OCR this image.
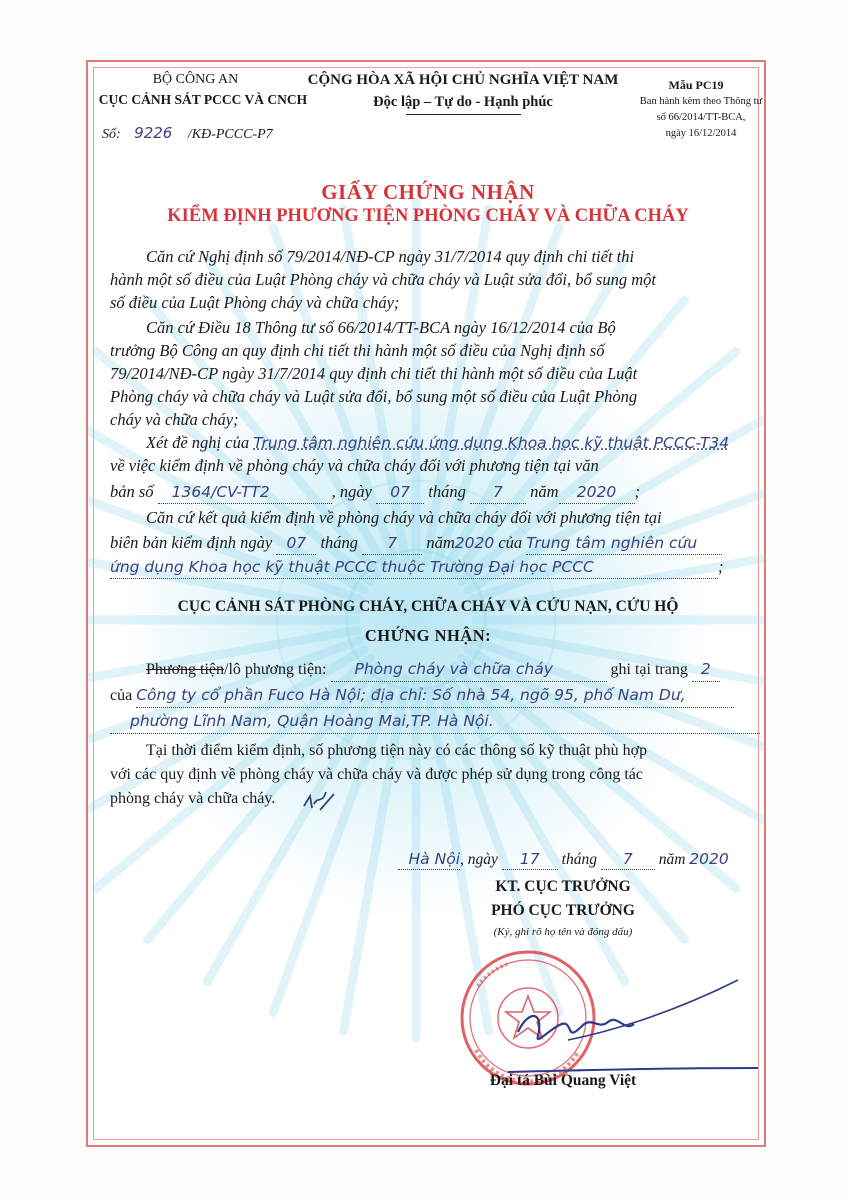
BỘ CÔNG AN
CỤC CẢNH SÁT PCCC VÀ CNCH
Số: 9226 /KĐ-PCCC-P7
CỘNG HÒA XÃ HỘI CHỦ NGHĨA VIỆT NAM
Độc lập – Tự do - Hạnh phúc
Mẫu PC19
Ban hành kèm theo Thông tư
số 66/2014/TT-BCA,
ngày 16/12/2014
GIẤY CHỨNG NHẬN
KIỂM ĐỊNH PHƯƠNG TIỆN PHÒNG CHÁY VÀ CHỮA CHÁY
Căn cứ Nghị định số 79/2014/NĐ-CP ngày 31/7/2014 quy định chi tiết thi
hành một số điều của Luật Phòng cháy và chữa cháy và Luật sửa đổi, bổ sung một
số điều của Luật Phòng cháy và chữa cháy;
Căn cứ Điều 18 Thông tư số 66/2014/TT-BCA ngày 16/12/2014 của Bộ
trưởng Bộ Công an quy định chi tiết thi hành một số điều của Nghị định số
79/2014/NĐ-CP ngày 31/7/2014 quy định chi tiết thi hành một số điều của Luật
Phòng cháy và chữa cháy và Luật sửa đổi, bổ sung một số điều của Luật Phòng
cháy và chữa cháy;
Xét đề nghị của Trung tâm nghiên cứu ứng dụng Khoa học kỹ thuật PCCC-T34
về việc kiểm định về phòng cháy và chữa cháy đối với phương tiện tại văn
bản số 1364/CV-TT2	, ngày 07 tháng 7 năm 2020 ;
Căn cứ kết quả kiểm định về phòng cháy và chữa cháy đối với phương tiện tại
biên bản kiểm định ngày 07 tháng 7 năm2020 của Trung tâm nghiên cứu
ứng dụng Khoa học kỹ thuật PCCC thuộc Trường Đại học PCCC	;
CỤC CẢNH SÁT PHÒNG CHÁY, CHỮA CHÁY VÀ CỨU NẠN, CỨU HỘ
CHỨNG NHẬN:
Phương tiện/lô phương tiện: Phòng cháy và chữa cháy	ghi tại trang 2
của Công ty cổ phần Fuco Hà Nội; địa chỉ: Số nhà 54, ngõ 95, phố Nam Dư,
phường Lĩnh Nam, Quận Hoàng Mai,TP. Hà Nội.
Tại thời điểm kiểm định, số phương tiện này có các thông số kỹ thuật phù hợp
với các quy định về phòng cháy và chữa cháy và được phép sử dụng trong công tác
phòng cháy và chữa cháy.
Hà Nội, ngày 17 tháng 7 năm 2020
KT. CỤC TRƯỞNG
PHÓ CỤC TRƯỞNG
(Ký, ghi rõ họ tên và đóng dấu)
Đại tá Bùi Quang Việt
